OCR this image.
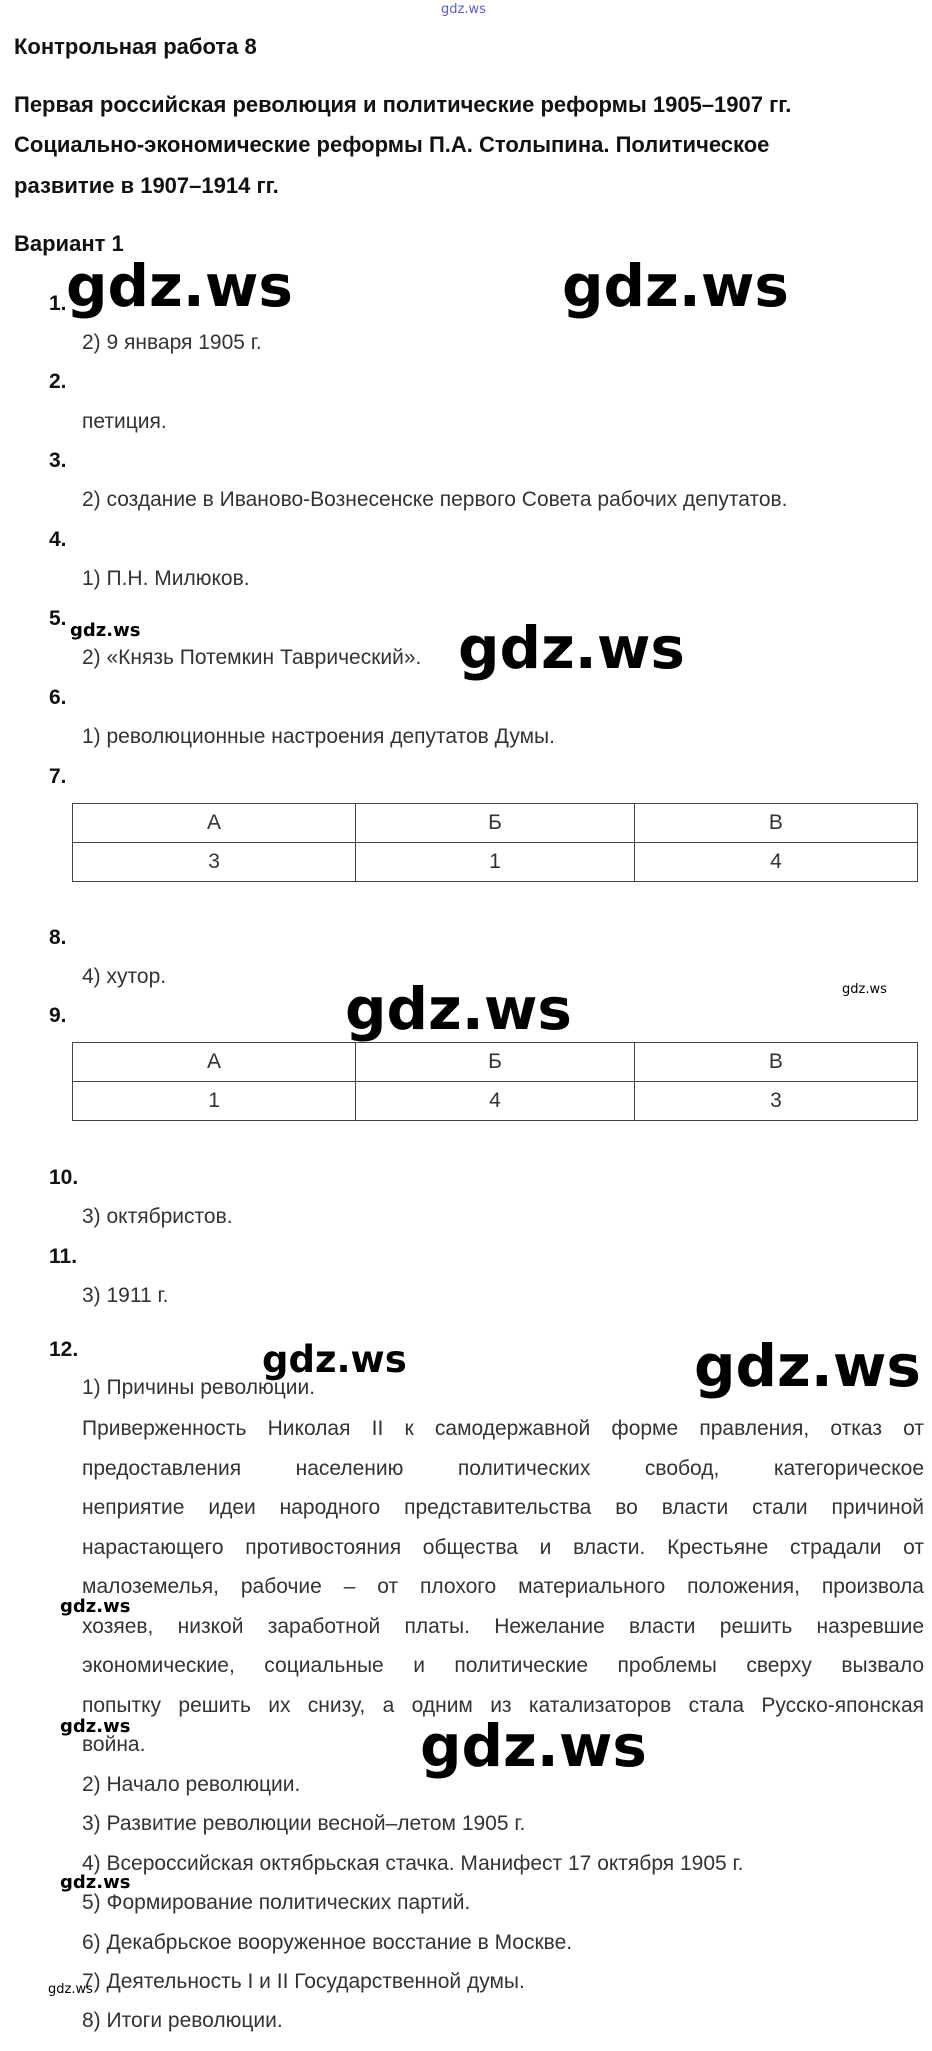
gdz.ws
Контрольная работа 8
Первая российская революция и политические реформы 1905–1907 гг.
Социально-экономические реформы П.А. Столыпина. Политическое
развитие в 1907–1914 гг.
Вариант 1
1.
2) 9 января 1905 г.
2.
петиция.
3.
2) создание в Иваново-Вознесенске первого Совета рабочих депутатов.
4.
1) П.Н. Милюков.
5.
2) «Князь Потемкин Таврический».
6.
1) революционные настроения депутатов Думы.
7.
А	Б	В
3	1	4
8.
4) хутор.
9.
А	Б	В
1	4	3
10.
3) октябристов.
11.
3) 1911 г.
12.
1) Причины революции.
Приверженность Николая II к самодержавной форме правления, отказ от
предоставления населению политических свобод, категорическое
неприятие идеи народного представительства во власти стали причиной
нарастающего противостояния общества и власти. Крестьяне страдали от
малоземелья, рабочие – от плохого материального положения, произвола
хозяев, низкой заработной платы. Нежелание власти решить назревшие
экономические, социальные и политические проблемы сверху вызвало
попытку решить их снизу, а одним из катализаторов стала Русско-японская
война.
2) Начало революции.
3) Развитие революции весной–летом 1905 г.
4) Всероссийская октябрьская стачка. Манифест 17 октября 1905 г.
5) Формирование политических партий.
6) Декабрьское вооруженное восстание в Москве.
7) Деятельность I и II Государственной думы.
8) Итоги революции.
gdz.ws	gdz.ws
gdz.ws	gdz.ws
gdz.ws	gdz.ws
gdz.ws	gdz.ws
gdz.ws
gdz.ws	gdz.ws
gdz.ws
gdz.ws
